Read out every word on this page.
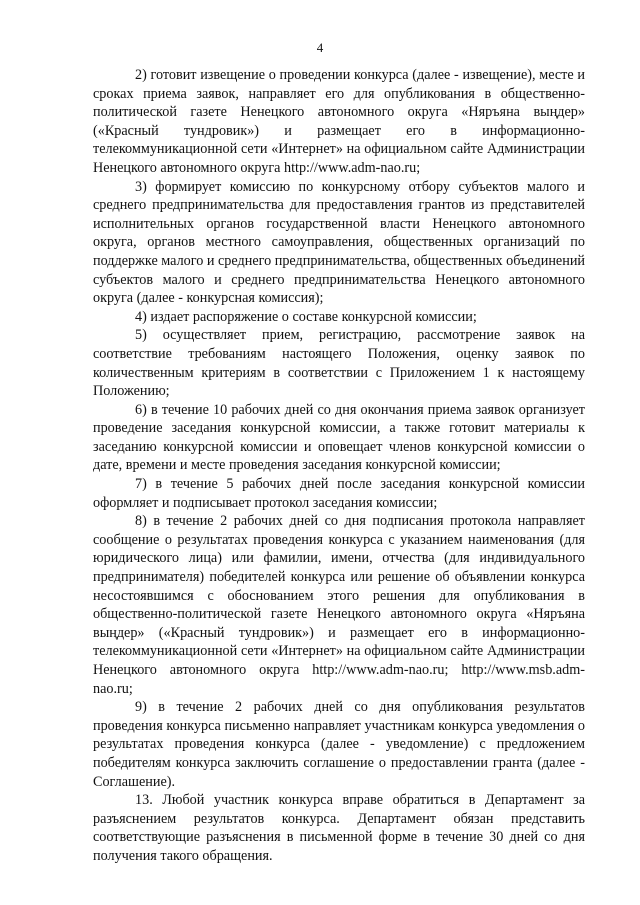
4

2) готовит извещение о проведении конкурса (далее - извещение), месте и сроках приема заявок, направляет его для опубликования в общественно-политической газете Ненецкого автономного округа «Няръяна выңдер» («Красный тундровик») и размещает его в информационно-телекоммуникационной сети «Интернет» на официальном сайте Администрации Ненецкого автономного округа http://www.adm-nao.ru;

3) формирует комиссию по конкурсному отбору субъектов малого и среднего предпринимательства для предоставления грантов из представителей исполнительных органов государственной власти Ненецкого автономного округа, органов местного самоуправления, общественных организаций по поддержке малого и среднего предпринимательства, общественных объединений субъектов малого и среднего предпринимательства Ненецкого автономного округа (далее - конкурсная комиссия);

4) издает распоряжение о составе конкурсной комиссии;

5) осуществляет прием, регистрацию, рассмотрение заявок на соответствие требованиям настоящего Положения, оценку заявок по количественным критериям в соответствии с Приложением 1 к настоящему Положению;

6) в течение 10 рабочих дней со дня окончания приема заявок организует проведение заседания конкурсной комиссии, а также готовит материалы к заседанию конкурсной комиссии и оповещает членов конкурсной комиссии о дате, времени и месте проведения заседания конкурсной комиссии;

7) в течение 5 рабочих дней после заседания конкурсной комиссии оформляет и подписывает протокол заседания комиссии;

8) в течение 2 рабочих дней со дня подписания протокола направляет сообщение о результатах проведения конкурса с указанием наименования (для юридического лица) или фамилии, имени, отчества (для индивидуального предпринимателя) победителей конкурса или решение об объявлении конкурса несостоявшимся с обоснованием этого решения для опубликования в общественно-политической газете Ненецкого автономного округа «Няръяна выңдер» («Красный тундровик») и размещает его в информационно-телекоммуникационной сети «Интернет» на официальном сайте Администрации Ненецкого автономного округа http://www.adm-nao.ru; http://www.msb.adm-nao.ru;

9) в течение 2 рабочих дней со дня опубликования результатов проведения конкурса письменно направляет участникам конкурса уведомления о результатах проведения конкурса (далее - уведомление) с предложением победителям конкурса заключить соглашение о предоставлении гранта (далее - Соглашение).

13. Любой участник конкурса вправе обратиться в Департамент за разъяснением результатов конкурса. Департамент обязан представить соответствующие разъяснения в письменной форме в течение 30 дней со дня получения такого обращения.
